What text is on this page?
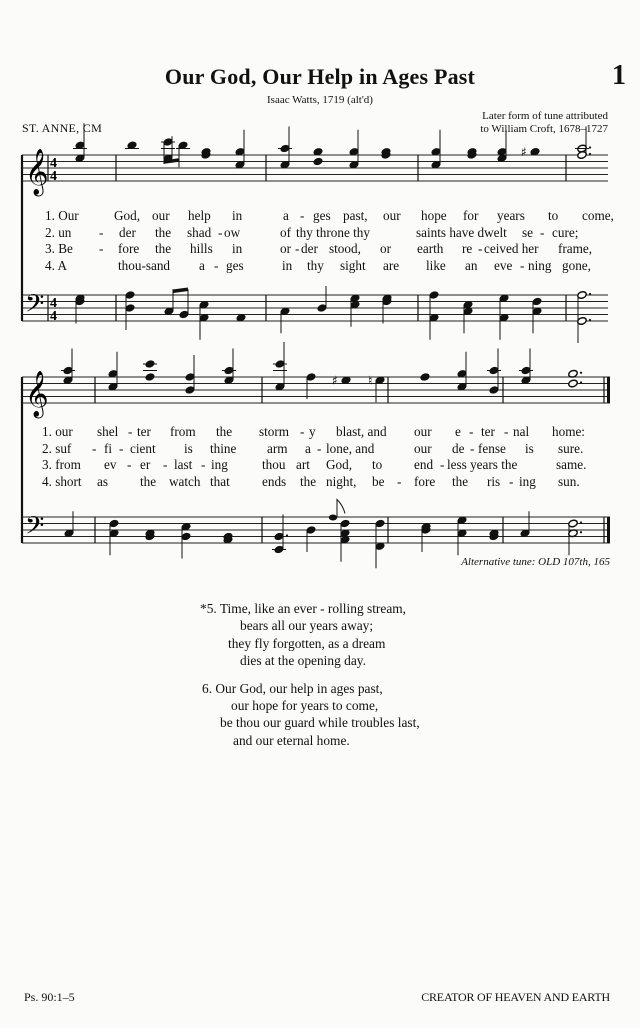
Our God, Our Help in Ages Past	1
Isaac Watts, 1719 (alt'd)
ST. ANNE, CM
Later form of tune attributed
to William Croft, 1678–1727
𝄞
𝄢
4
4
4
4
♯
𝄞
𝄢
♯	♮
Alternative tune: OLD 107th, 165
*5. Time, like an ever - rolling stream,
bears all our years away;
they fly forgotten, as a dream
dies at the opening day.
6. Our God, our help in ages past,
our hope for years to come,
be thou our guard while troubles last,
and our eternal home.
Ps. 90:1–5	CREATOR OF HEAVEN AND EARTH
1. Our	God, our help in	a - ges past, our hope for years to come,
2. un - der the shad - ow	of thy throne thy	saints have dwelt se - cure;
3. Be - fore the hills in	or - der stood, or earth re - ceived her frame,
4. A	thou-sand a - ges	in thy sight are like an eve - ning gone,
1. our shel - ter from the storm - y blast, and our e - ter - nal home:
2. suf - fi - cient is thine arm a - lone, and	our de - fense is sure.
3. from ev - er - last - ing	thou art God, to end - less years the	same.
4. short as the watch that ends the night, be - fore the ris - ing sun.
